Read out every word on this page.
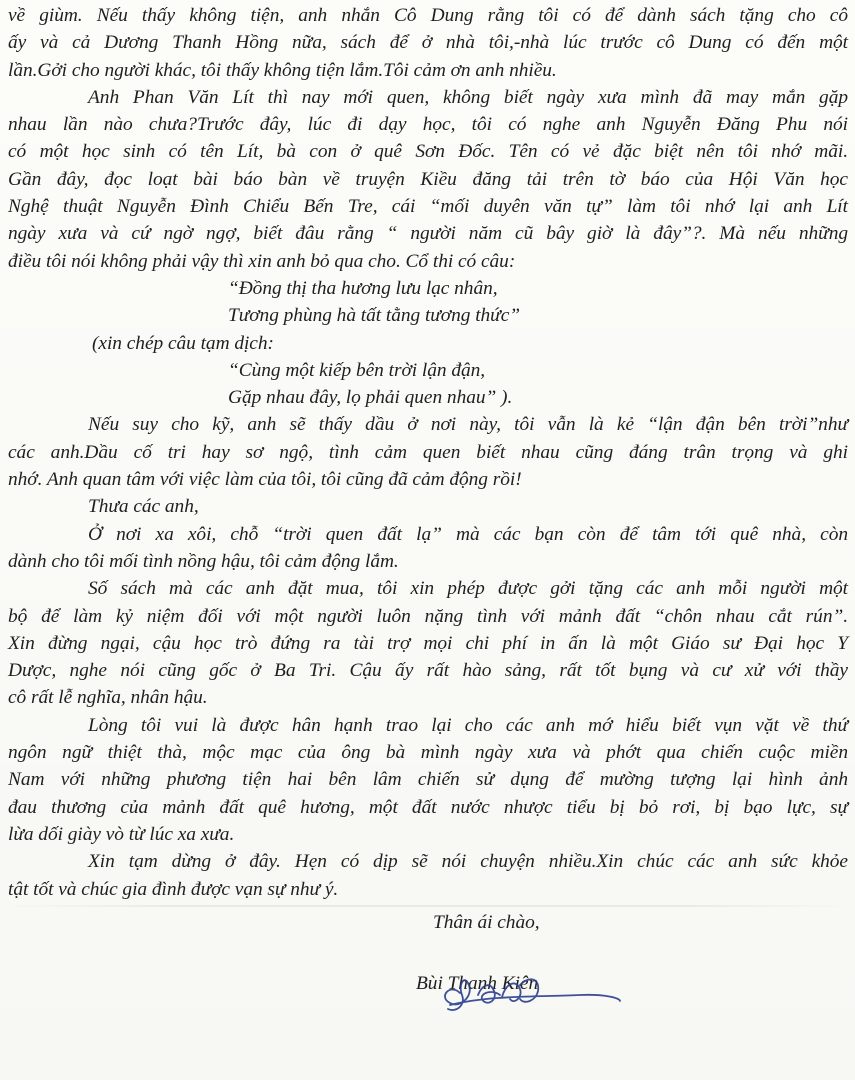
về giùm. Nếu thấy không tiện, anh nhắn Cô Dung rằng tôi có để dành sách tặng cho cô
ấy và cả Dương Thanh Hồng nữa, sách để ở nhà tôi,-nhà lúc trước cô Dung có đến một
lần.Gởi cho người khác, tôi thấy không tiện lắm.Tôi cảm ơn anh nhiều.
Anh Phan Văn Lít thì nay mới quen, không biết ngày xưa mình đã may mắn gặp
nhau lần nào chưa?Trước đây, lúc đi dạy học, tôi có nghe anh Nguyễn Đăng Phu nói
có một học sinh có tên Lít, bà con ở quê Sơn Đốc. Tên có vẻ đặc biệt nên tôi nhớ mãi.
Gần đây, đọc loạt bài báo bàn về truyện Kiều đăng tải trên tờ báo của Hội Văn học
Nghệ thuật Nguyễn Đình Chiểu Bến Tre, cái “mối duyên văn tự” làm tôi nhớ lại anh Lít
ngày xưa và cứ ngờ ngợ, biết đâu rằng “ người năm cũ bây giờ là đây”?. Mà nếu những
điều tôi nói không phải vậy thì xin anh bỏ qua cho. Cổ thi có câu:
“Đồng thị tha hương lưu lạc nhân,
Tương phùng hà tất tằng tương thức”
(xin chép câu tạm dịch:
“Cùng một kiếp bên trời lận đận,
Gặp nhau đây, lọ phải quen nhau” ).
Nếu suy cho kỹ, anh sẽ thấy dầu ở nơi này, tôi vẫn là kẻ “lận đận bên trời”như
các anh.Dầu cố tri hay sơ ngộ, tình cảm quen biết nhau cũng đáng trân trọng và ghi
nhớ. Anh quan tâm với việc làm của tôi, tôi cũng đã cảm động rồi!
Thưa các anh,
Ở nơi xa xôi, chỗ “trời quen đất lạ” mà các bạn còn để tâm tới quê nhà, còn
dành cho tôi mối tình nồng hậu, tôi cảm động lắm.
Số sách mà các anh đặt mua, tôi xin phép được gởi tặng các anh mỗi người một
bộ để làm kỷ niệm đối với một người luôn nặng tình với mảnh đất “chôn nhau cắt rún”.
Xin đừng ngại, cậu học trò đứng ra tài trợ mọi chi phí in ấn là một Giáo sư Đại học Y
Dược, nghe nói cũng gốc ở Ba Tri. Cậu ấy rất hào sảng, rất tốt bụng và cư xử với thầy
cô rất lễ nghĩa, nhân hậu.
Lòng tôi vui là được hân hạnh trao lại cho các anh mớ hiểu biết vụn vặt về thứ
ngôn ngữ thiệt thà, mộc mạc của ông bà mình ngày xưa và phớt qua chiến cuộc miền
Nam với những phương tiện hai bên lâm chiến sử dụng để mường tượng lại hình ảnh
đau thương của mảnh đất quê hương, một đất nước nhược tiểu bị bỏ rơi, bị bạo lực, sự
lừa dối giày vò từ lúc xa xưa.
Xin tạm dừng ở đây. Hẹn có dịp sẽ nói chuyện nhiều.Xin chúc các anh sức khỏe
tật tốt và chúc gia đình được vạn sự như ý.
Thân ái chào,
Bùi Thanh Kiên
